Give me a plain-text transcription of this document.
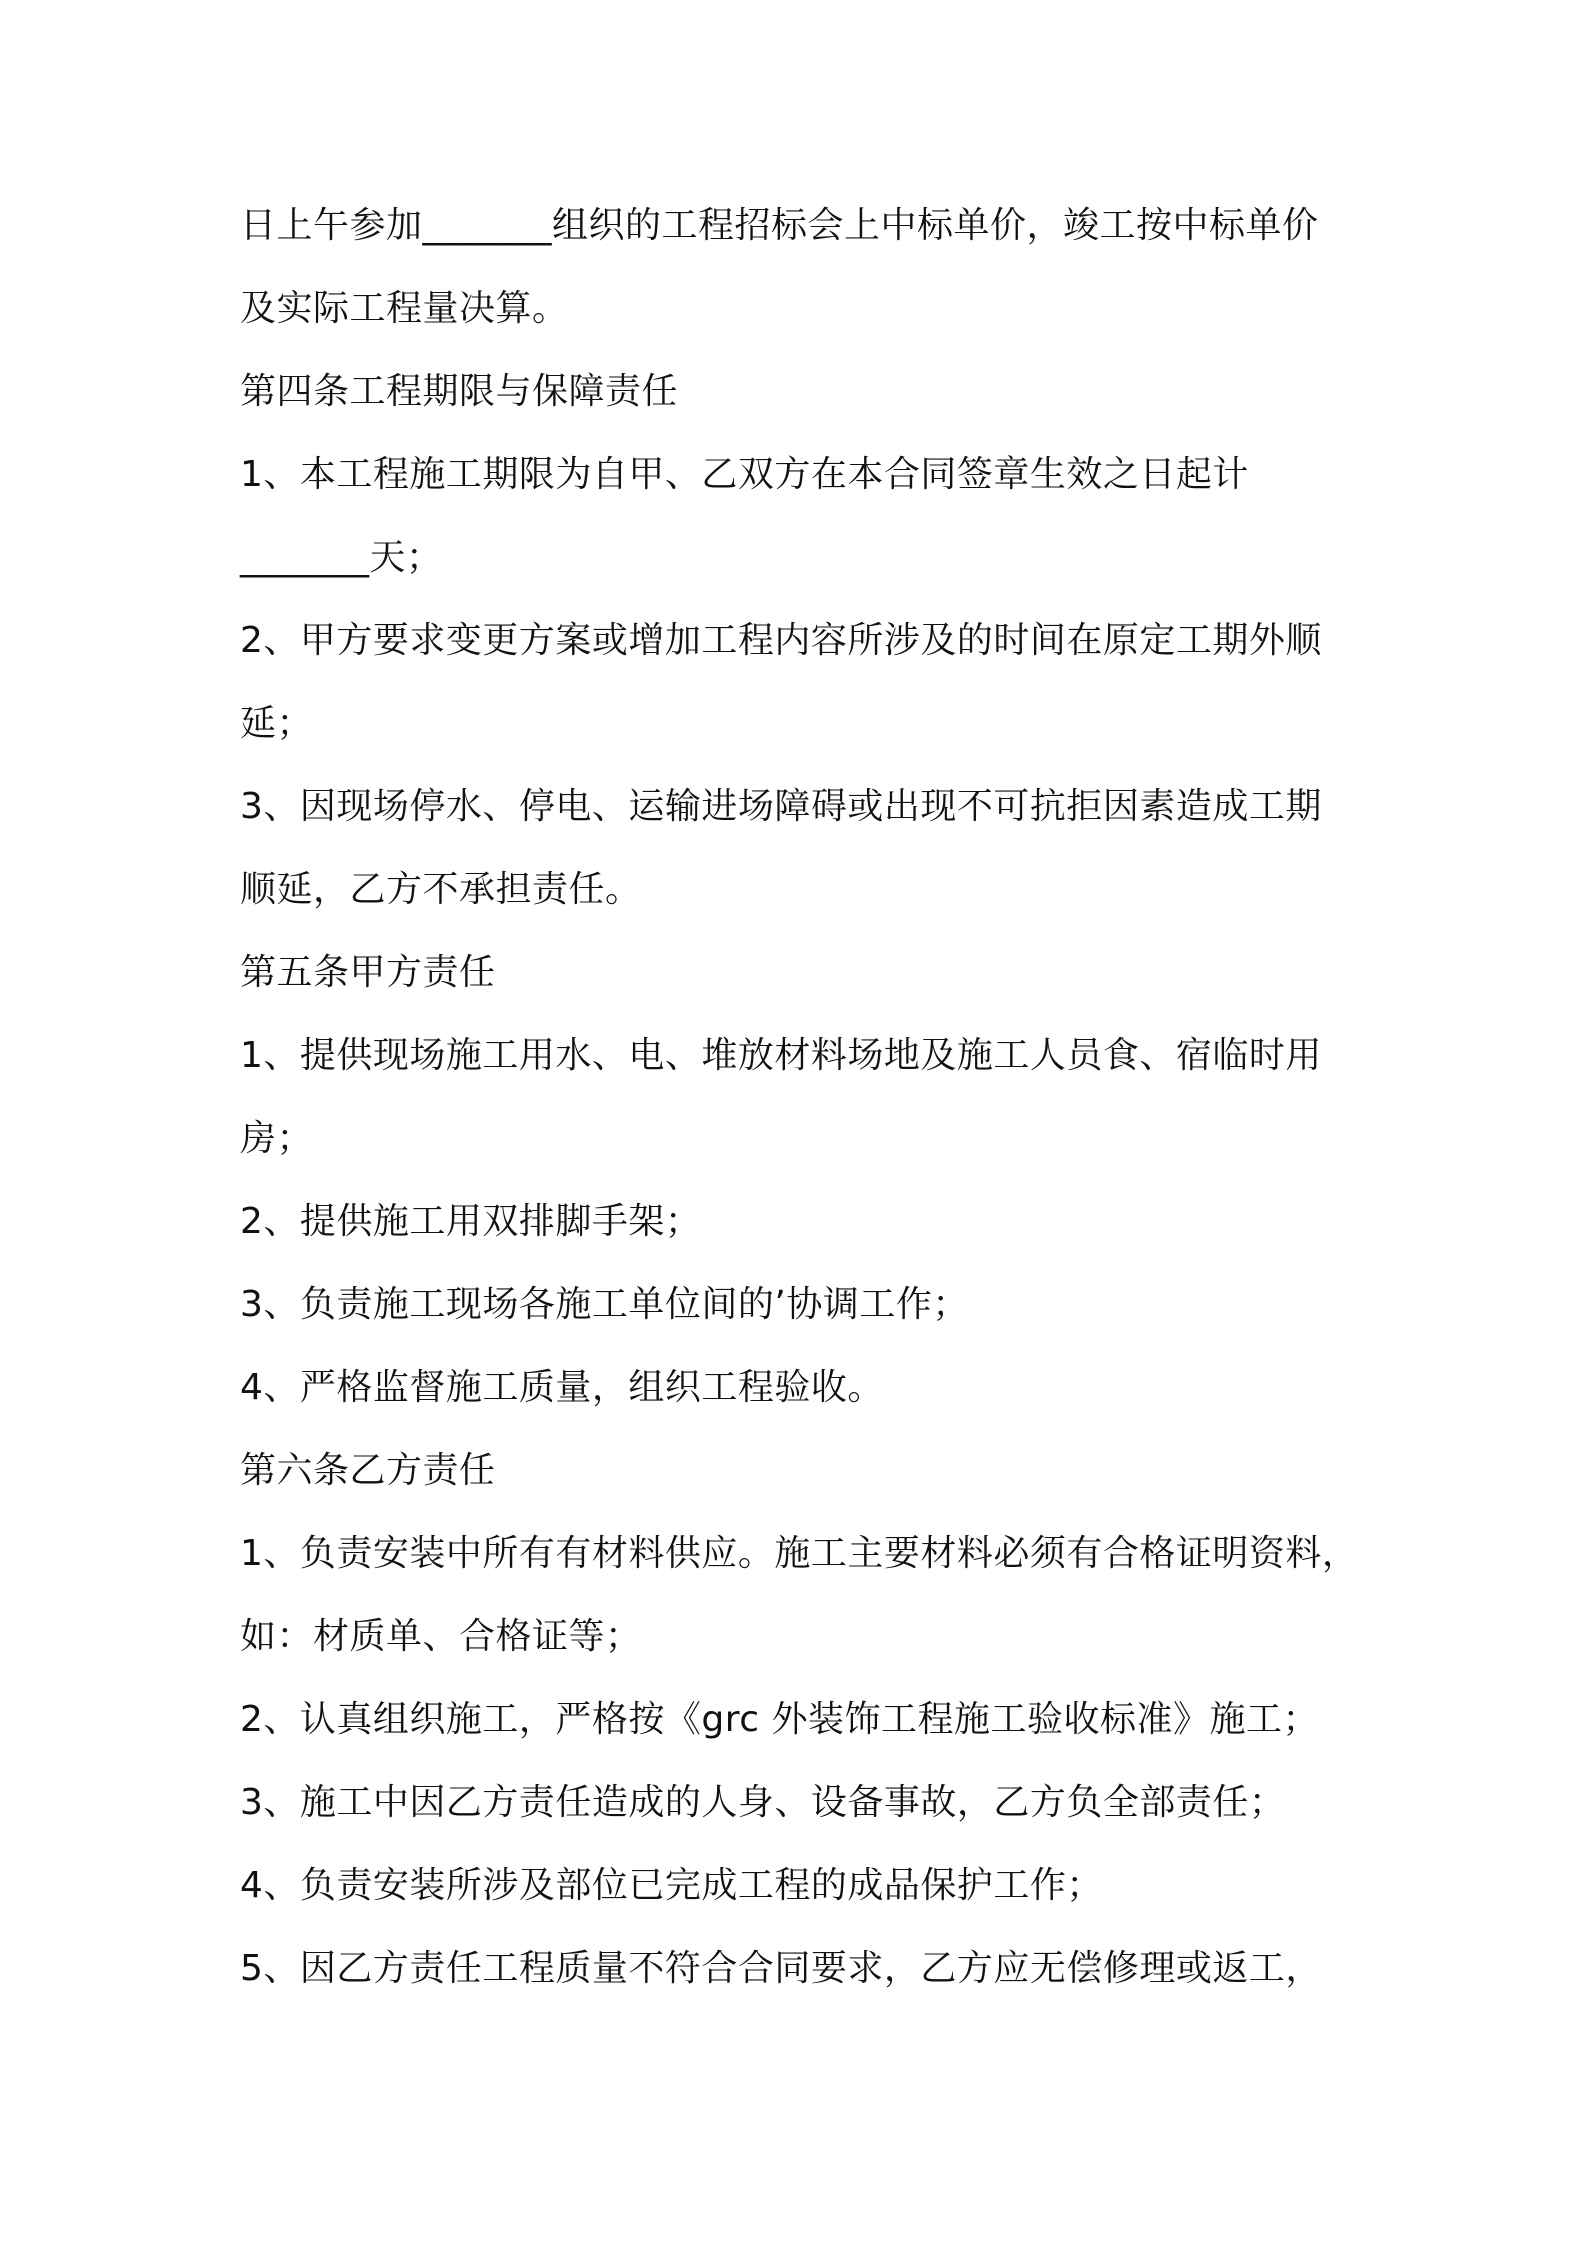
日上午参加_______组织的工程招标会上中标单价，竣工按中标单价
及实际工程量决算。
第四条工程期限与保障责任
1、本工程施工期限为自甲、乙双方在本合同签章生效之日起计
_______天；
2、甲方要求变更方案或增加工程内容所涉及的时间在原定工期外顺
延；
3、因现场停水、停电、运输进场障碍或出现不可抗拒因素造成工期
顺延，乙方不承担责任。
第五条甲方责任
1、提供现场施工用水、电、堆放材料场地及施工人员食、宿临时用
房；
2、提供施工用双排脚手架；
3、负责施工现场各施工单位间的’协调工作；
4、严格监督施工质量，组织工程验收。
第六条乙方责任
1、负责安装中所有有材料供应。施工主要材料必须有合格证明资料，
如：材质单、合格证等；
2、认真组织施工，严格按《grc 外装饰工程施工验收标准》施工；
3、施工中因乙方责任造成的人身、设备事故，乙方负全部责任；
4、负责安装所涉及部位已完成工程的成品保护工作；
5、因乙方责任工程质量不符合合同要求，乙方应无偿修理或返工，
